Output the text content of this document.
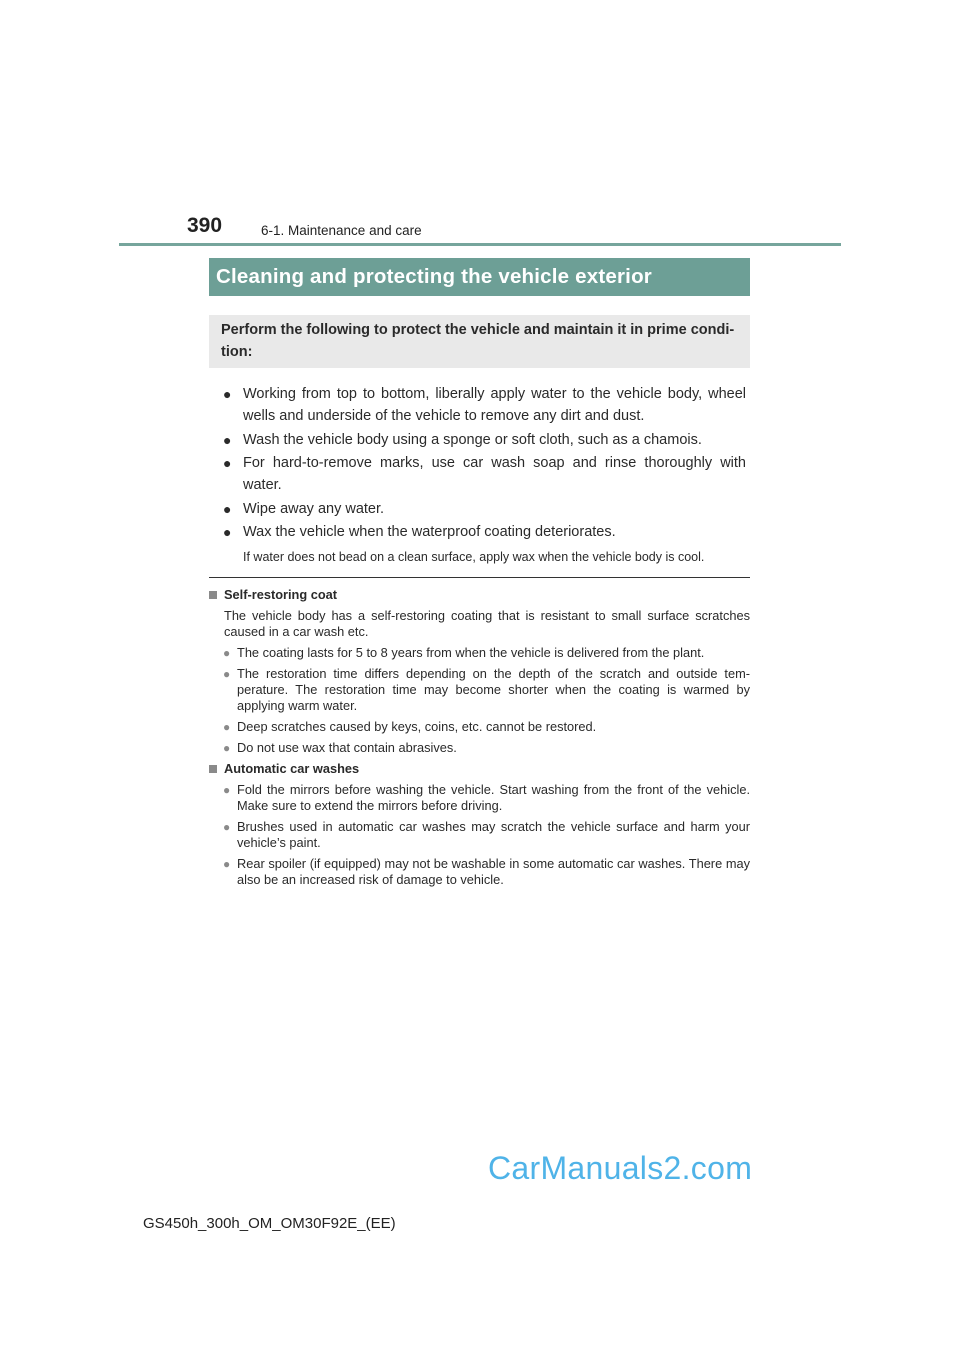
390	6-1. Maintenance and care
Cleaning and protecting the vehicle exterior
Perform the following to protect the vehicle and maintain it in prime condi-tion:
● Working from top to bottom, liberally apply water to the vehicle body, wheel wells and underside of the vehicle to remove any dirt and dust.
● Wash the vehicle body using a sponge or soft cloth, such as a chamois.
● For hard-to-remove marks, use car wash soap and rinse thoroughly with water.
● Wipe away any water.
● Wax the vehicle when the waterproof coating deteriorates.
If water does not bead on a clean surface, apply wax when the vehicle body is cool.
Self-restoring coat
The vehicle body has a self-restoring coating that is resistant to small surface scratches caused in a car wash etc.
● The coating lasts for 5 to 8 years from when the vehicle is delivered from the plant.
● The restoration time differs depending on the depth of the scratch and outside tem-perature. The restoration time may become shorter when the coating is warmed by applying warm water.
● Deep scratches caused by keys, coins, etc. cannot be restored.
● Do not use wax that contain abrasives.
Automatic car washes
● Fold the mirrors before washing the vehicle. Start washing from the front of the vehicle. Make sure to extend the mirrors before driving.
● Brushes used in automatic car washes may scratch the vehicle surface and harm your vehicle’s paint.
● Rear spoiler (if equipped) may not be washable in some automatic car washes. There may also be an increased risk of damage to vehicle.
CarManuals2.com
GS450h_300h_OM_OM30F92E_(EE)
